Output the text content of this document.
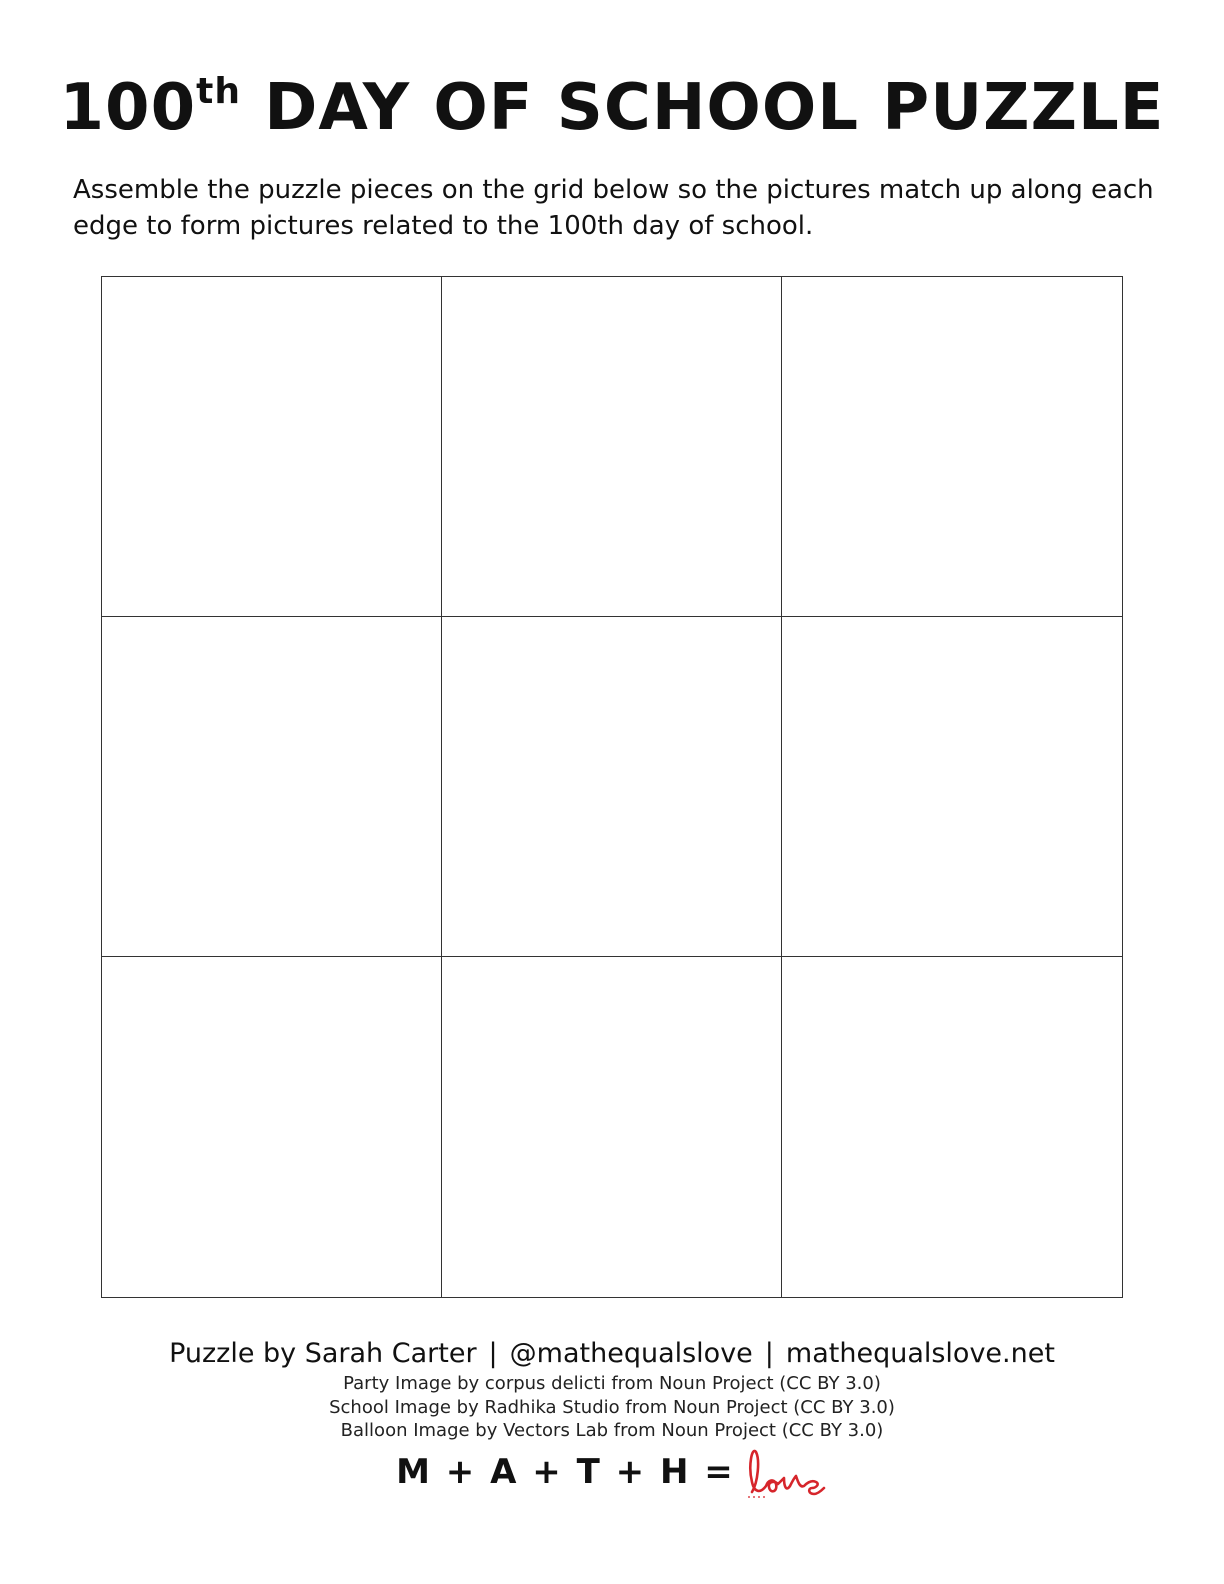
100th DAY OF SCHOOL PUZZLE
Assemble the puzzle pieces on the grid below so the pictures match up along each edge to form pictures related to the 100th day of school.
Puzzle by Sarah Carter | @mathequalslove | mathequalslove.net
Party Image by corpus delicti from Noun Project (CC BY 3.0)
School Image by Radhika Studio from Noun Project (CC BY 3.0)
Balloon Image by Vectors Lab from Noun Project (CC BY 3.0)
M + A + T + H =
love
